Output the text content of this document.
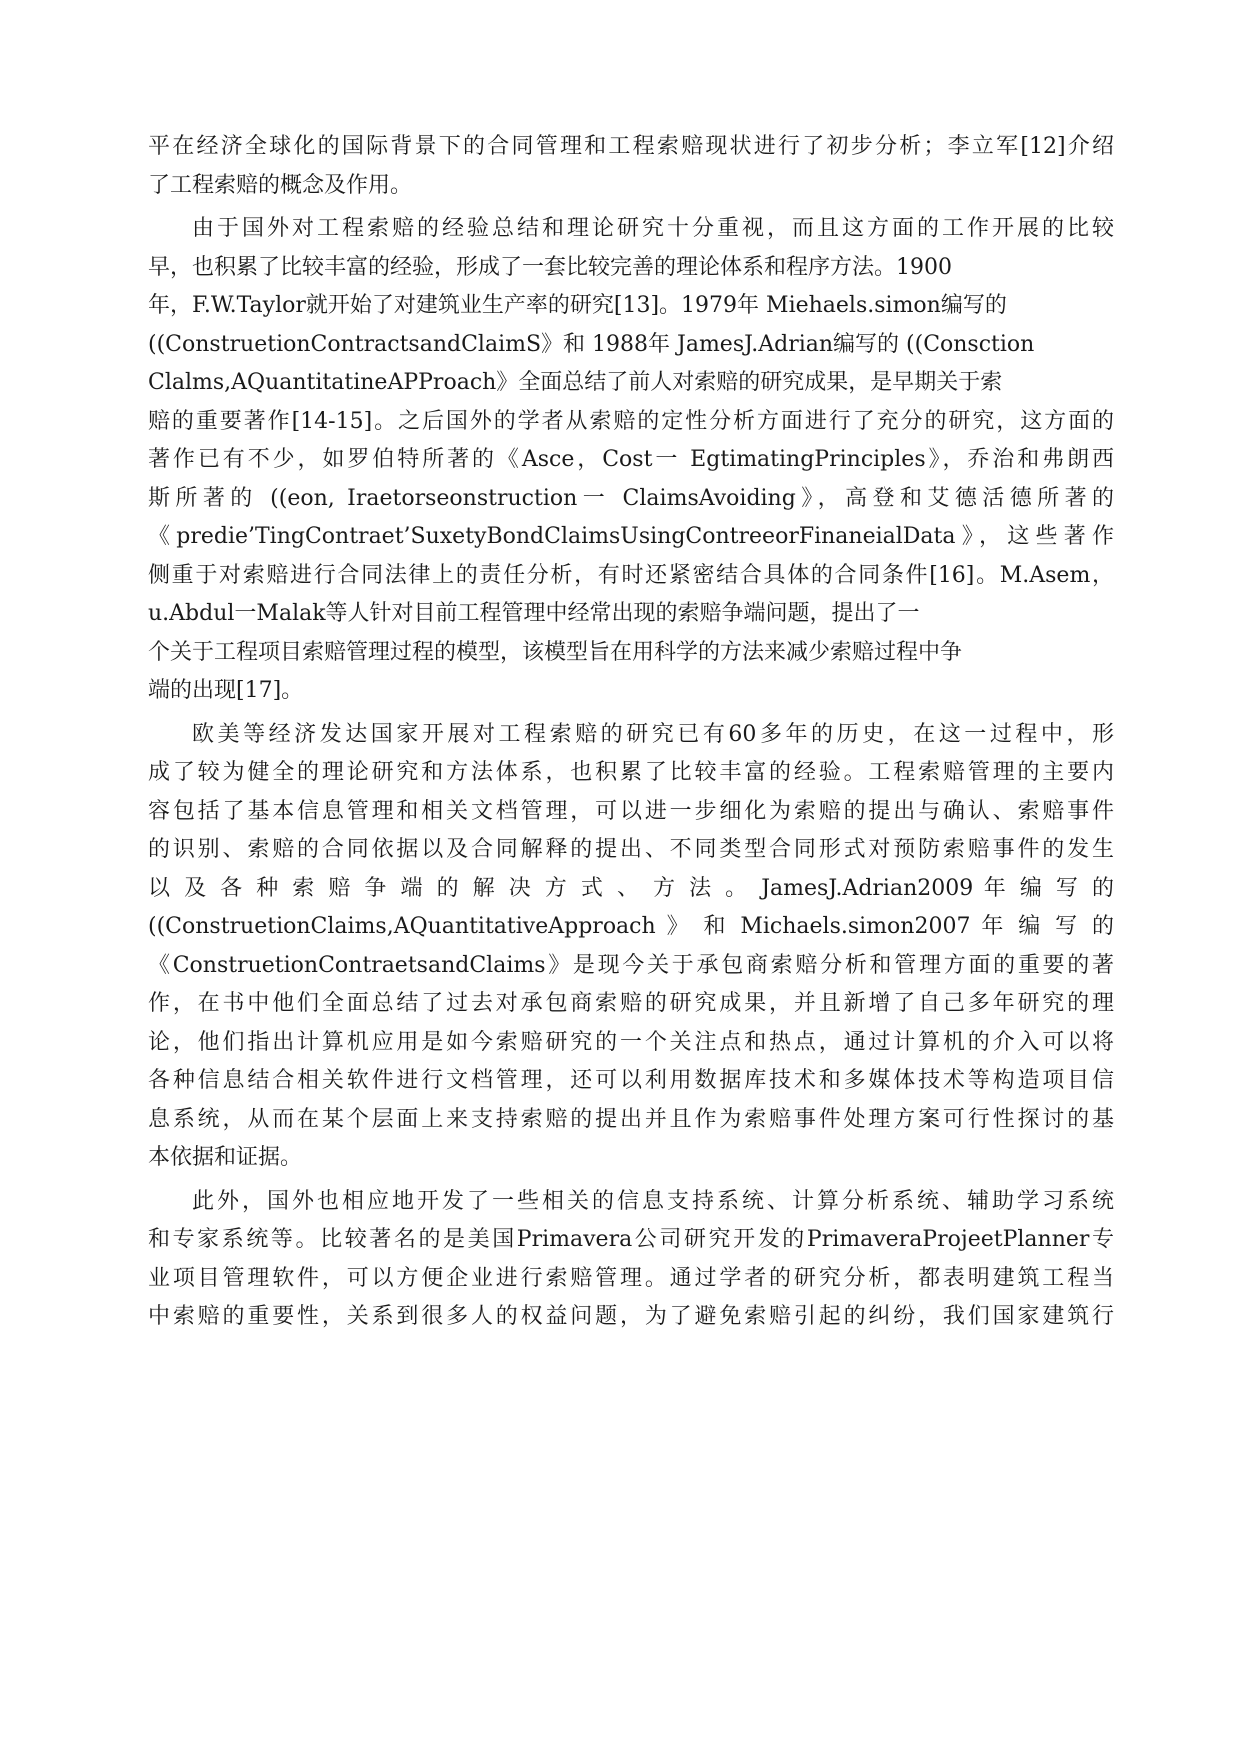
平在经济全球化的国际背景下的合同管理和工程索赔现状进行了初步分析；李立军[12]介绍
了工程索赔的概念及作用。
由于国外对工程索赔的经验总结和理论研究十分重视，而且这方面的工作开展的比较
早，也积累了比较丰富的经验，形成了一套比较完善的理论体系和程序方法。1900
年，F.W.Taylor就开始了对建筑业生产率的研究[13]。1979年 Miehaels.simon编写的
((ConstruetionContractsandClaimS》和 1988年 JamesJ.Adrian编写的 ((Consction
Clalms,AQuantitatineAPProach》全面总结了前人对索赔的研究成果，是早期关于索
赔的重要著作[14-15]。之后国外的学者从索赔的定性分析方面进行了充分的研究，这方面的
著作已有不少，如罗伯特所著的《Asce，Cost一 EgtimatingPrinciples》，乔治和弗朗西
斯所著的 ((eon, Iraetorseonstruction一 ClaimsAvoiding》，高登和艾德活德所著的
《predie’TingContraet’SuxetyBondClaimsUsingContreeorFinaneialData》，这些著作
侧重于对索赔进行合同法律上的责任分析，有时还紧密结合具体的合同条件[16]。M.Asem，
u.Abdul一Malak等人针对目前工程管理中经常出现的索赔争端问题，提出了一
个关于工程项目索赔管理过程的模型，该模型旨在用科学的方法来减少索赔过程中争
端的出现[17]。
欧美等经济发达国家开展对工程索赔的研究已有60多年的历史，在这一过程中，形
成了较为健全的理论研究和方法体系，也积累了比较丰富的经验。工程索赔管理的主要内
容包括了基本信息管理和相关文档管理，可以进一步细化为索赔的提出与确认、索赔事件
的识别、索赔的合同依据以及合同解释的提出、不同类型合同形式对预防索赔事件的发生
以 及 各 种 索 赔 争 端 的 解 决 方 式 、 方 法 。 JamesJ.Adrian2009 年 编 写 的
((ConstruetionClaims,AQuantitativeApproach 》 和 Michaels.simon2007 年 编 写 的
《ConstruetionContraetsandClaims》是现今关于承包商索赔分析和管理方面的重要的著
作，在书中他们全面总结了过去对承包商索赔的研究成果，并且新增了自己多年研究的理
论，他们指出计算机应用是如今索赔研究的一个关注点和热点，通过计算机的介入可以将
各种信息结合相关软件进行文档管理，还可以利用数据库技术和多媒体技术等构造项目信
息系统，从而在某个层面上来支持索赔的提出并且作为索赔事件处理方案可行性探讨的基
本依据和证据。
此外，国外也相应地开发了一些相关的信息支持系统、计算分析系统、辅助学习系统
和专家系统等。比较著名的是美国Primavera公司研究开发的PrimaveraProjeetPlanner专
业项目管理软件，可以方便企业进行索赔管理。通过学者的研究分析，都表明建筑工程当
中索赔的重要性，关系到很多人的权益问题，为了避免索赔引起的纠纷，我们国家建筑行
